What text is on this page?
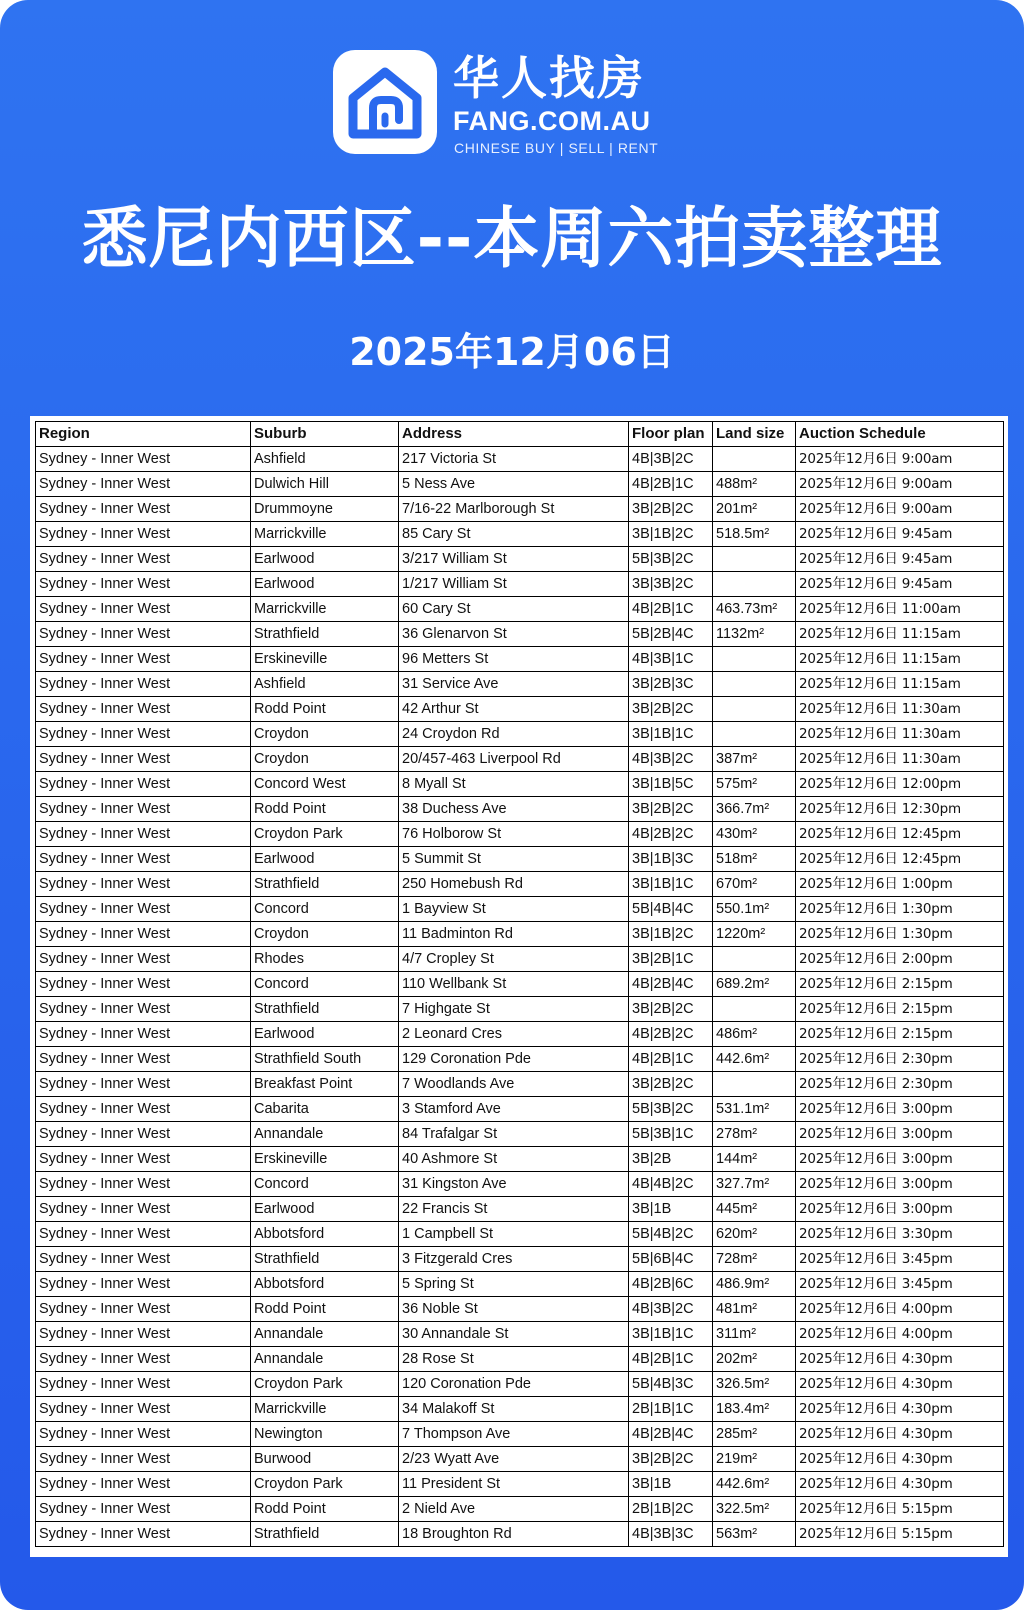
华人找房
FANG.COM.AU
CHINESE BUY | SELL | RENT
悉尼内西区--本周六拍卖整理
2025年12月06日
Region	Suburb	Address	Floor plan	Land size	Auction Schedule
Sydney - Inner West	Ashfield	217 Victoria St	4B|3B|2C		2025年12月6日 9:00am
Sydney - Inner West	Dulwich Hill	5 Ness Ave	4B|2B|1C	488m²	2025年12月6日 9:00am
Sydney - Inner West	Drummoyne	7/16-22 Marlborough St	3B|2B|2C	201m²	2025年12月6日 9:00am
Sydney - Inner West	Marrickville	85 Cary St	3B|1B|2C	518.5m²	2025年12月6日 9:45am
Sydney - Inner West	Earlwood	3/217 William St	5B|3B|2C		2025年12月6日 9:45am
Sydney - Inner West	Earlwood	1/217 William St	3B|3B|2C		2025年12月6日 9:45am
Sydney - Inner West	Marrickville	60 Cary St	4B|2B|1C	463.73m²	2025年12月6日 11:00am
Sydney - Inner West	Strathfield	36 Glenarvon St	5B|2B|4C	1132m²	2025年12月6日 11:15am
Sydney - Inner West	Erskineville	96 Metters St	4B|3B|1C		2025年12月6日 11:15am
Sydney - Inner West	Ashfield	31 Service Ave	3B|2B|3C		2025年12月6日 11:15am
Sydney - Inner West	Rodd Point	42 Arthur St	3B|2B|2C		2025年12月6日 11:30am
Sydney - Inner West	Croydon	24 Croydon Rd	3B|1B|1C		2025年12月6日 11:30am
Sydney - Inner West	Croydon	20/457-463 Liverpool Rd	4B|3B|2C	387m²	2025年12月6日 11:30am
Sydney - Inner West	Concord West	8 Myall St	3B|1B|5C	575m²	2025年12月6日 12:00pm
Sydney - Inner West	Rodd Point	38 Duchess Ave	3B|2B|2C	366.7m²	2025年12月6日 12:30pm
Sydney - Inner West	Croydon Park	76 Holborow St	4B|2B|2C	430m²	2025年12月6日 12:45pm
Sydney - Inner West	Earlwood	5 Summit St	3B|1B|3C	518m²	2025年12月6日 12:45pm
Sydney - Inner West	Strathfield	250 Homebush Rd	3B|1B|1C	670m²	2025年12月6日 1:00pm
Sydney - Inner West	Concord	1 Bayview St	5B|4B|4C	550.1m²	2025年12月6日 1:30pm
Sydney - Inner West	Croydon	11 Badminton Rd	3B|1B|2C	1220m²	2025年12月6日 1:30pm
Sydney - Inner West	Rhodes	4/7 Cropley St	3B|2B|1C		2025年12月6日 2:00pm
Sydney - Inner West	Concord	110 Wellbank St	4B|2B|4C	689.2m²	2025年12月6日 2:15pm
Sydney - Inner West	Strathfield	7 Highgate St	3B|2B|2C		2025年12月6日 2:15pm
Sydney - Inner West	Earlwood	2 Leonard Cres	4B|2B|2C	486m²	2025年12月6日 2:15pm
Sydney - Inner West	Strathfield South	129 Coronation Pde	4B|2B|1C	442.6m²	2025年12月6日 2:30pm
Sydney - Inner West	Breakfast Point	7 Woodlands Ave	3B|2B|2C		2025年12月6日 2:30pm
Sydney - Inner West	Cabarita	3 Stamford Ave	5B|3B|2C	531.1m²	2025年12月6日 3:00pm
Sydney - Inner West	Annandale	84 Trafalgar St	5B|3B|1C	278m²	2025年12月6日 3:00pm
Sydney - Inner West	Erskineville	40 Ashmore St	3B|2B	144m²	2025年12月6日 3:00pm
Sydney - Inner West	Concord	31 Kingston Ave	4B|4B|2C	327.7m²	2025年12月6日 3:00pm
Sydney - Inner West	Earlwood	22 Francis St	3B|1B	445m²	2025年12月6日 3:00pm
Sydney - Inner West	Abbotsford	1 Campbell St	5B|4B|2C	620m²	2025年12月6日 3:30pm
Sydney - Inner West	Strathfield	3 Fitzgerald Cres	5B|6B|4C	728m²	2025年12月6日 3:45pm
Sydney - Inner West	Abbotsford	5 Spring St	4B|2B|6C	486.9m²	2025年12月6日 3:45pm
Sydney - Inner West	Rodd Point	36 Noble St	4B|3B|2C	481m²	2025年12月6日 4:00pm
Sydney - Inner West	Annandale	30 Annandale St	3B|1B|1C	311m²	2025年12月6日 4:00pm
Sydney - Inner West	Annandale	28 Rose St	4B|2B|1C	202m²	2025年12月6日 4:30pm
Sydney - Inner West	Croydon Park	120 Coronation Pde	5B|4B|3C	326.5m²	2025年12月6日 4:30pm
Sydney - Inner West	Marrickville	34 Malakoff St	2B|1B|1C	183.4m²	2025年12月6日 4:30pm
Sydney - Inner West	Newington	7 Thompson Ave	4B|2B|4C	285m²	2025年12月6日 4:30pm
Sydney - Inner West	Burwood	2/23 Wyatt Ave	3B|2B|2C	219m²	2025年12月6日 4:30pm
Sydney - Inner West	Croydon Park	11 President St	3B|1B	442.6m²	2025年12月6日 4:30pm
Sydney - Inner West	Rodd Point	2 Nield Ave	2B|1B|2C	322.5m²	2025年12月6日 5:15pm
Sydney - Inner West	Strathfield	18 Broughton Rd	4B|3B|3C	563m²	2025年12月6日 5:15pm
